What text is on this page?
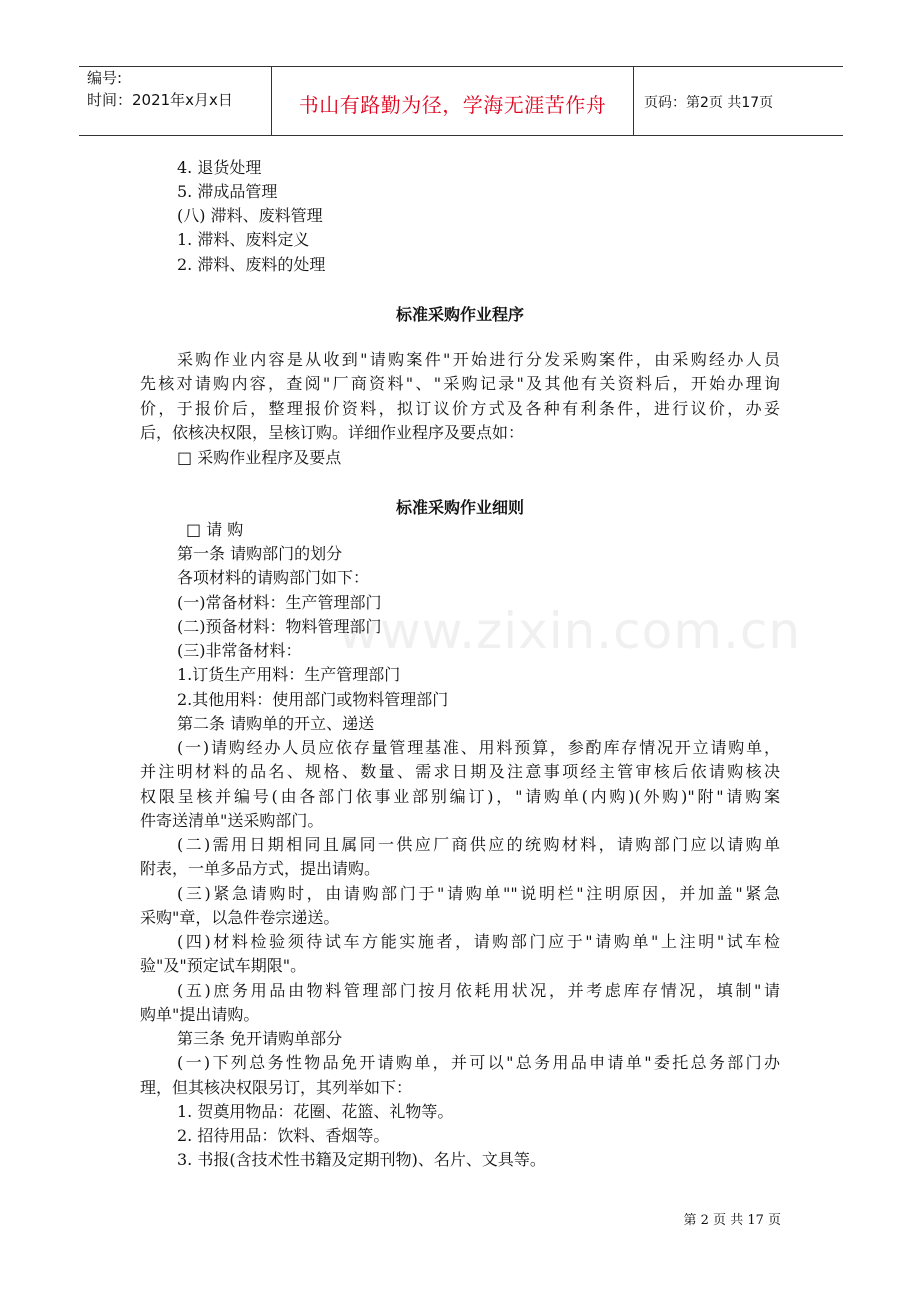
编号:
时间：2021年x月x日	书山有路勤为径，学海无涯苦作舟	页码：第2页 共17页
www.zixin.com.cn
4. 退货处理
5. 滞成品管理
(八) 滞料、废料管理
1. 滞料、废料定义
2. 滞料、废料的处理
标准采购作业程序
采购作业内容是从收到"请购案件"开始进行分发采购案件，由采购经办人员
先核对请购内容，查阅"厂商资料"、"采购记录"及其他有关资料后，开始办理询
价，于报价后，整理报价资料，拟订议价方式及各种有利条件，进行议价，办妥
后，依核决权限，呈核订购。详细作业程序及要点如：
□ 采购作业程序及要点
标准采购作业细则
□ 请 购
第一条 请购部门的划分
各项材料的请购部门如下：
(一)常备材料：生产管理部门
(二)预备材料：物料管理部门
(三)非常备材料：
1.订货生产用料：生产管理部门
2.其他用料：使用部门或物料管理部门
第二条 请购单的开立、递送
(一)请购经办人员应依存量管理基准、用料预算，参酌库存情况开立请购单，
并注明材料的品名、规格、数量、需求日期及注意事项经主管审核后依请购核决
权限呈核并编号(由各部门依事业部别编订)，"请购单(内购)(外购)"附"请购案
件寄送清单"送采购部门。
(二)需用日期相同且属同一供应厂商供应的统购材料，请购部门应以请购单
附表，一单多品方式，提出请购。
(三)紧急请购时，由请购部门于"请购单""说明栏"注明原因，并加盖"紧急
采购"章，以急件卷宗递送。
(四)材料检验须待试车方能实施者，请购部门应于"请购单"上注明"试车检
验"及"预定试车期限"。
(五)庶务用品由物料管理部门按月依耗用状况，并考虑库存情况，填制"请
购单"提出请购。
第三条 免开请购单部分
(一)下列总务性物品免开请购单，并可以"总务用品申请单"委托总务部门办
理，但其核决权限另订，其列举如下：
1. 贺奠用物品：花圈、花篮、礼物等。
2. 招待用品：饮料、香烟等。
3. 书报(含技术性书籍及定期刊物)、名片、文具等。
第 2 页 共 17 页
